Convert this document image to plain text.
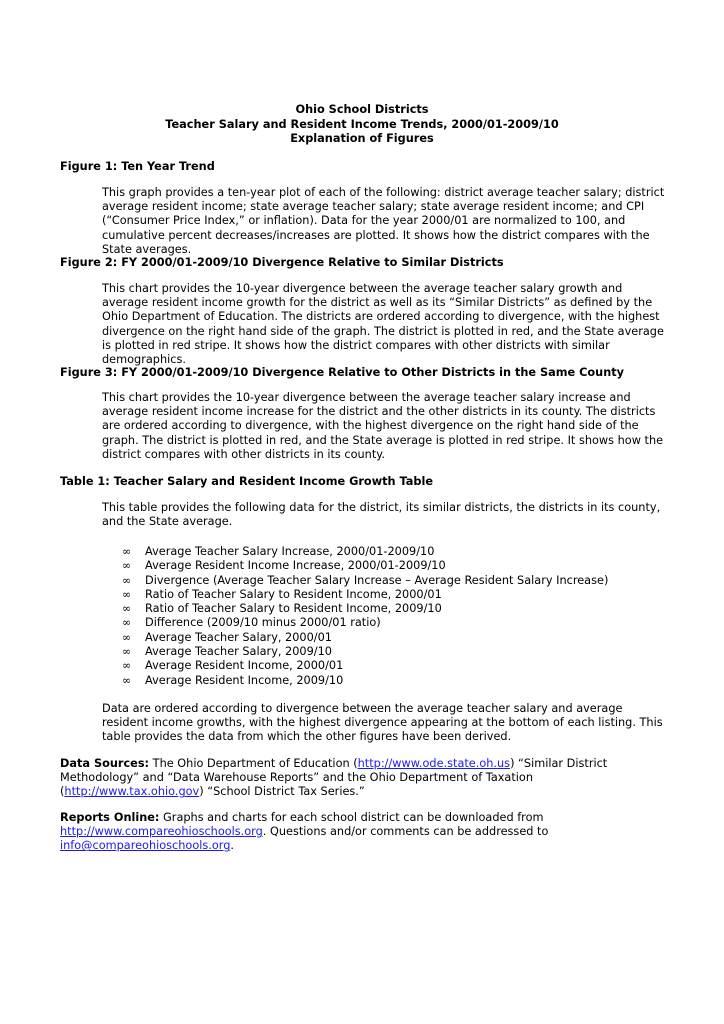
Ohio School Districts
Teacher Salary and Resident Income Trends, 2000/01-2009/10
Explanation of Figures
Figure 1: Ten Year Trend
This graph provides a ten-year plot of each of the following: district average teacher salary; district average resident income; state average teacher salary; state average resident income; and CPI (“Consumer Price Index,” or inflation). Data for the year 2000/01 are normalized to 100, and cumulative percent decreases/increases are plotted. It shows how the district compares with the State averages.
Figure 2: FY 2000/01-2009/10 Divergence Relative to Similar Districts
This chart provides the 10-year divergence between the average teacher salary growth and average resident income growth for the district as well as its “Similar Districts” as defined by the Ohio Department of Education. The districts are ordered according to divergence, with the highest divergence on the right hand side of the graph. The district is plotted in red, and the State average is plotted in red stripe. It shows how the district compares with other districts with similar demographics.
Figure 3: FY 2000/01-2009/10 Divergence Relative to Other Districts in the Same County
This chart provides the 10-year divergence between the average teacher salary increase and average resident income increase for the district and the other districts in its county. The districts are ordered according to divergence, with the highest divergence on the right hand side of the graph. The district is plotted in red, and the State average is plotted in red stripe. It shows how the district compares with other districts in its county.
Table 1: Teacher Salary and Resident Income Growth Table
This table provides the following data for the district, its similar districts, the districts in its county, and the State average.
∞ Average Teacher Salary Increase, 2000/01-2009/10
∞ Average Resident Income Increase, 2000/01-2009/10
∞ Divergence (Average Teacher Salary Increase – Average Resident Salary Increase)
∞ Ratio of Teacher Salary to Resident Income, 2000/01
∞ Ratio of Teacher Salary to Resident Income, 2009/10
∞ Difference (2009/10 minus 2000/01 ratio)
∞ Average Teacher Salary, 2000/01
∞ Average Teacher Salary, 2009/10
∞ Average Resident Income, 2000/01
∞ Average Resident Income, 2009/10
Data are ordered according to divergence between the average teacher salary and average resident income growths, with the highest divergence appearing at the bottom of each listing. This table provides the data from which the other figures have been derived.
Data Sources: The Ohio Department of Education (http://www.ode.state.oh.us) “Similar District Methodology” and “Data Warehouse Reports” and the Ohio Department of Taxation (http://www.tax.ohio.gov) “School District Tax Series.”
Reports Online: Graphs and charts for each school district can be downloaded from http://www.compareohioschools.org. Questions and/or comments can be addressed to info@compareohioschools.org.
